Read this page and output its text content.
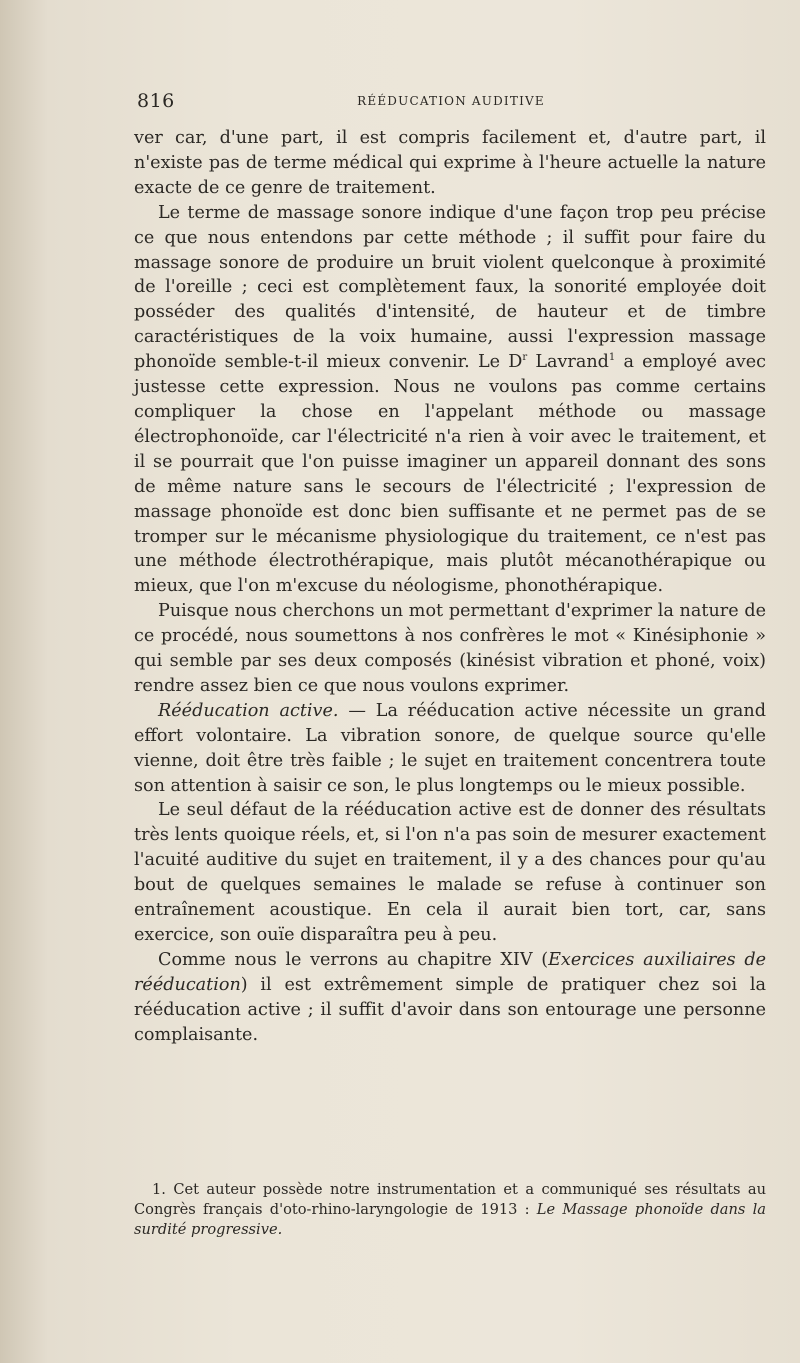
816	RÉÉDUCATION AUDITIVE

ver car, d'une part, il est compris facilement et, d'autre part, il n'existe pas de terme médical qui exprime à l'heure actuelle la nature exacte de ce genre de traitement.

Le terme de massage sonore indique d'une façon trop peu précise ce que nous entendons par cette méthode ; il suffit pour faire du massage sonore de produire un bruit violent quelconque à proximité de l'oreille ; ceci est complètement faux, la sonorité employée doit posséder des qualités d'intensité, de hauteur et de timbre caractéristiques de la voix humaine, aussi l'expression massage phonoïde semble-t-il mieux convenir. Le $D^r$ Lavrand$^1$ a employé avec justesse cette expression. Nous ne voulons pas comme certains compliquer la chose en l'appelant méthode ou massage électrophonoïde, car l'électricité n'a rien à voir avec le traitement, et il se pourrait que l'on puisse imaginer un appareil donnant des sons de même nature sans le secours de l'électricité ; l'expression de massage phonoïde est donc bien suffisante et ne permet pas de se tromper sur le mécanisme physiologique du traitement, ce n'est pas une méthode électrothérapique, mais plutôt mécanothérapique ou mieux, que l'on m'excuse du néologisme, phonothérapique.

Puisque nous cherchons un mot permettant d'exprimer la nature de ce procédé, nous soumettons à nos confrères le mot « Kinésiphonie » qui semble par ses deux composés (kinésist vibration et phoné, voix) rendre assez bien ce que nous voulons exprimer.

Rééducation active. — La rééducation active nécessite un grand effort volontaire. La vibration sonore, de quelque source qu'elle vienne, doit être très faible ; le sujet en traitement concentrera toute son attention à saisir ce son, le plus longtemps ou le mieux possible.

Le seul défaut de la rééducation active est de donner des résultats très lents quoique réels, et, si l'on n'a pas soin de mesurer exactement l'acuité auditive du sujet en traitement, il y a des chances pour qu'au bout de quelques semaines le malade se refuse à continuer son entraînement acoustique. En cela il aurait bien tort, car, sans exercice, son ouïe disparaîtra peu à peu.

Comme nous le verrons au chapitre XIV (Exercices auxiliaires de rééducation) il est extrêmement simple de pratiquer chez soi la rééducation active ; il suffit d'avoir dans son entourage une personne complaisante.

1. Cet auteur possède notre instrumentation et a communiqué ses résultats au Congrès français d'oto-rhino-laryngologie de 1913 : Le Massage phonoïde dans la surdité progressive.
